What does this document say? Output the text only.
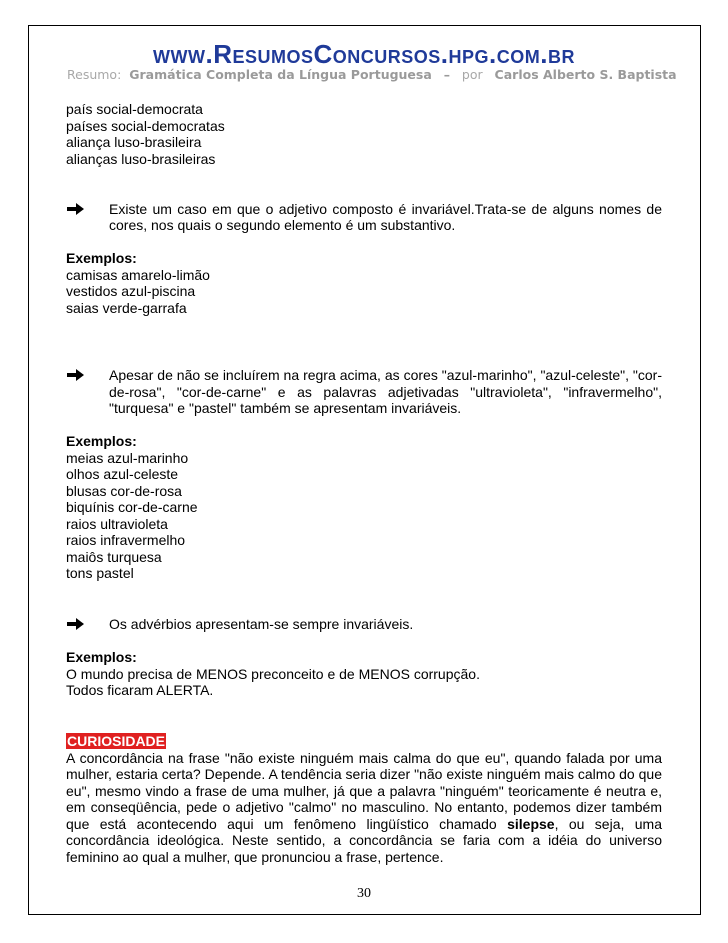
www.ResumosConcursos.hpg.com.br
Resumo: Gramática Completa da Língua Portuguesa – por Carlos Alberto S. Baptista
país social-democrata
países social-democratas
aliança luso-brasileira
alianças luso-brasileiras
Existe um caso em que o adjetivo composto é invariável.Trata-se de alguns nomes de cores, nos quais o segundo elemento é um substantivo.
Exemplos:
camisas amarelo-limão
vestidos azul-piscina
saias verde-garrafa
Apesar de não se incluírem na regra acima, as cores "azul-marinho", "azul-celeste", "cor-de-rosa", "cor-de-carne" e as palavras adjetivadas "ultravioleta", "infravermelho", "turquesa" e "pastel" também se apresentam invariáveis.
Exemplos:
meias azul-marinho
olhos azul-celeste
blusas cor-de-rosa
biquínis cor-de-carne
raios ultravioleta
raios infravermelho
maiôs turquesa
tons pastel
Os advérbios apresentam-se sempre invariáveis.
Exemplos:
O mundo precisa de MENOS preconceito e de MENOS corrupção.
Todos ficaram ALERTA.
CURIOSIDADE
A concordância na frase "não existe ninguém mais calma do que eu", quando falada por uma mulher, estaria certa? Depende. A tendência seria dizer "não existe ninguém mais calmo do que eu", mesmo vindo a frase de uma mulher, já que a palavra "ninguém" teoricamente é neutra e, em conseqüência, pede o adjetivo "calmo" no masculino. No entanto, podemos dizer também que está acontecendo aqui um fenômeno lingüístico chamado silepse, ou seja, uma concordância ideológica. Neste sentido, a concordância se faria com a idéia do universo feminino ao qual a mulher, que pronunciou a frase, pertence.
30
